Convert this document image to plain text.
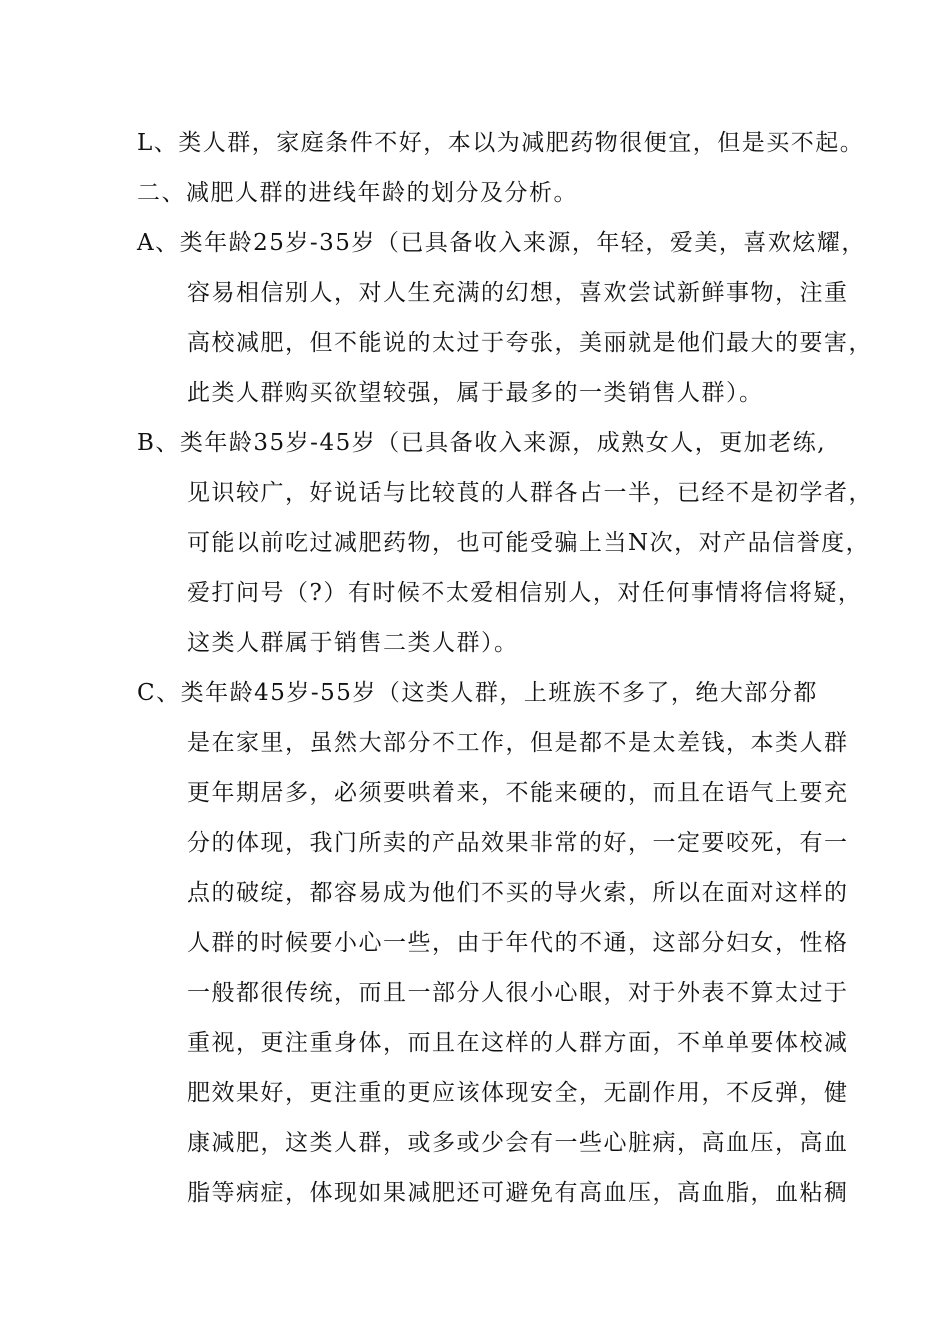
L、类人群，家庭条件不好，本以为减肥药物很便宜，但是买不起。
二、减肥人群的进线年龄的划分及分析。
A、类年龄25岁-35岁（已具备收入来源，年轻，爱美，喜欢炫耀，
容易相信别人，对人生充满的幻想，喜欢尝试新鲜事物，注重
高校减肥，但不能说的太过于夸张，美丽就是他们最大的要害，
此类人群购买欲望较强，属于最多的一类销售人群）。
B、类年龄35岁-45岁（已具备收入来源，成熟女人，更加老练,
见识较广，好说话与比较莨的人群各占一半，已经不是初学者，
可能以前吃过减肥药物，也可能受骗上当N次，对产品信誉度，
爱打问号（?）有时候不太爱相信别人，对任何事情将信将疑，
这类人群属于销售二类人群）。
C、类年龄45岁-55岁（这类人群，上班族不多了，绝大部分都
是在家里，虽然大部分不工作，但是都不是太差钱，本类人群
更年期居多，必须要哄着来，不能来硬的，而且在语气上要充
分的体现，我门所卖的产品效果非常的好，一定要咬死，有一
点的破绽，都容易成为他们不买的导火索，所以在面对这样的
人群的时候要小心一些，由于年代的不通，这部分妇女，性格
一般都很传统，而且一部分人很小心眼，对于外表不算太过于
重视，更注重身体，而且在这样的人群方面，不单单要体校减
肥效果好，更注重的更应该体现安全，无副作用，不反弹，健
康减肥，这类人群，或多或少会有一些心脏病，高血压，高血
脂等病症，体现如果减肥还可避免有高血压，高血脂，血粘稠
